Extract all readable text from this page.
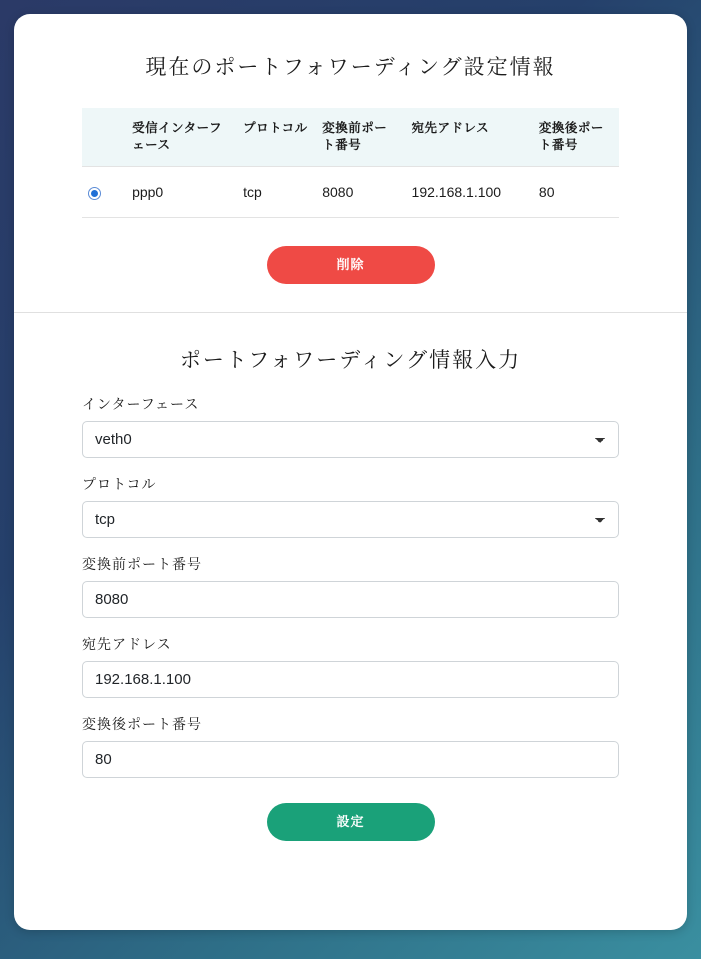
現在のポートフォワーディング設定情報
	受信インターフェース	プロトコル	変換前ポート番号	宛先アドレス	変換後ポート番号
	ppp0	tcp	8080	192.168.1.100	80
削除
ポートフォワーディング情報入力
インターフェース
veth0
プロトコル
tcp
変換前ポート番号
8080
宛先アドレス
192.168.1.100
変換後ポート番号
80
設定
